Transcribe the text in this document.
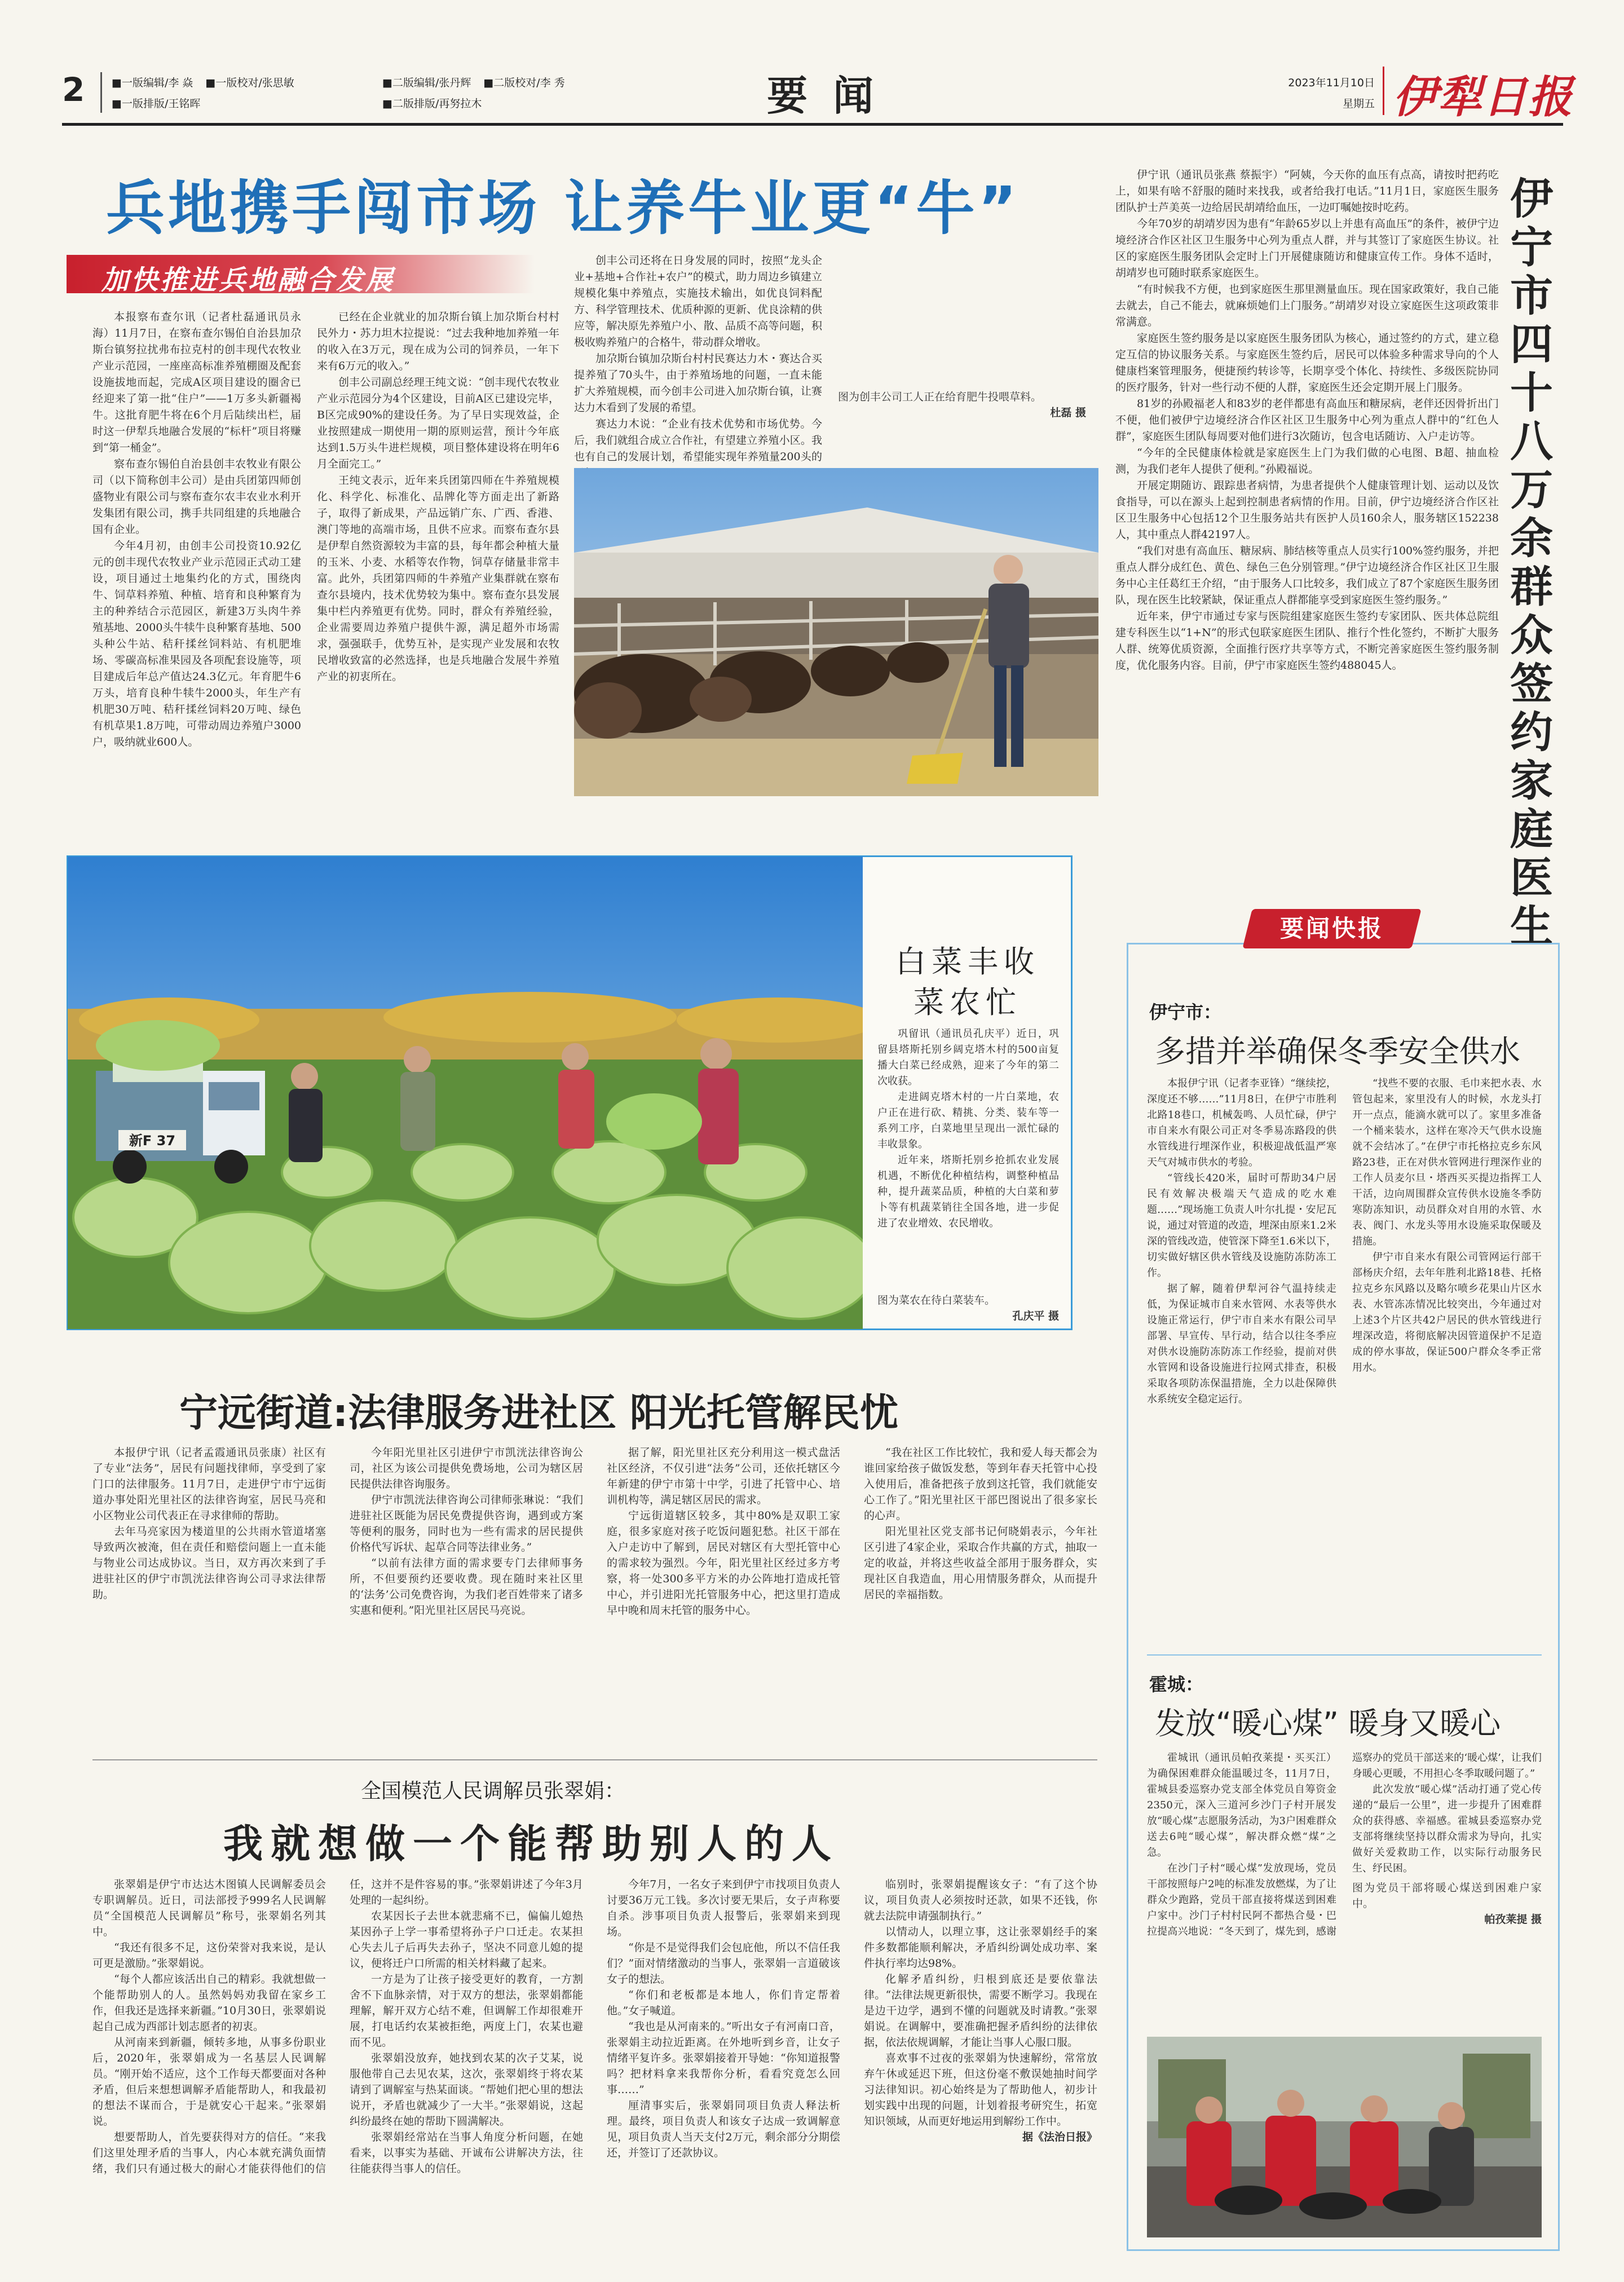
2	■一版编辑/李 焱 ■一版校对/张思敏
■一版排版/王铭晖
■二版编辑/张丹辉 ■二版校对/李 秀
■二版排版/再努拉木	要 闻	2023年11月10日
星期五 伊犁日报
兵地携手闯市场 让养牛业更“牛”
加快推进兵地融合发展

本报察布查尔讯（记者杜磊通讯员永海）11月7日，在察布查尔锡伯自治县加尕斯台镇努拉扰弗布拉克村的创丰现代农牧业产业示范园，一座座高标准养殖棚圈及配套设施拔地而起，完成A区项目建设的圈舍已经迎来了第一批“住户”——1万多头新疆褐牛。这批育肥牛将在6个月后陆续出栏，届时这一伊犁兵地融合发展的“标杆”项目将赚到“第一桶金”。

察布查尔锡伯自治县创丰农牧业有限公司（以下简称创丰公司）是由兵团第四师创盛物业有限公司与察布查尔农丰农业水利开发集团有限公司，携手共同组建的兵地融合国有企业。

今年4月初，由创丰公司投资10.92亿元的创丰现代农牧业产业示范园正式动工建设，项目通过土地集约化的方式，围绕肉牛、饲草料养殖、种植、培育和良种繁育为主的种养结合示范园区，新建3万头肉牛养殖基地、2000头牛犊牛良种繁育基地、500头种公牛站、秸秆揉丝饲料站、有机肥堆场、零碳高标准果园及各项配套设施等，项目建成后年总产值达24.3亿元。年育肥牛6万头，培育良种牛犊牛2000头，年生产有机肥30万吨、秸秆揉丝饲料20万吨、绿色有机草果1.8万吨，可带动周边养殖户3000户，吸纳就业600人。

已经在企业就业的加尕斯台镇上加尕斯台村村民外力・苏力坦木拉提说：“过去我种地加养殖一年的收入在3万元，现在成为公司的饲养员，一年下来有6万元的收入。”

创丰公司副总经理王纯文说：“创丰现代农牧业产业示范园分为4个区建设，目前A区已建设完毕，B区完成90%的建设任务。为了早日实现效益，企业按照建成一期使用一期的原则运营，预计今年底达到1.5万头牛进栏规模，项目整体建设将在明年6月全面完工。”

王纯文表示，近年来兵团第四师在牛养殖规模化、科学化、标准化、品牌化等方面走出了新路子，取得了新成果，产品远销广东、广西、香港、澳门等地的高端市场，且供不应求。而察布查尔县是伊犁自然资源较为丰富的县，每年都会种植大量的玉米、小麦、水稻等农作物，饲草存储量非常丰富。此外，兵团第四师的牛养殖产业集群就在察布查尔县境内，技术优势较为集中。察布查尔县发展集中栏内养殖更有优势。同时，群众有养殖经验，企业需要周边养殖户提供牛源，满足超外市场需求，强强联手，优势互补，是实现产业发展和农牧民增收致富的必然选择，也是兵地融合发展牛养殖产业的初衷所在。

创丰公司还将在日身发展的同时，按照“龙头企业+基地+合作社+农户”的模式，助力周边乡镇建立规模化集中养殖点，实施技术输出，如优良饲料配方、科学管理技术、优质种源的更新、优良涂精的供应等，解决原先养殖户小、散、品质不高等问题，积极收购养殖户的合格牛，带动群众增收。

加尕斯台镇加尕斯台村村民赛达力木・赛达合买提养殖了70头牛，由于养殖场地的问题，一直未能扩大养殖规模，而今创丰公司进入加尕斯台镇，让赛达力木看到了发展的希望。

赛达力木说：“企业有技术优势和市场优势。今后，我们就组合成立合作社，有望建立养殖小区。我也有自己的发展计划，希望能实现年养殖量200头的

图为创丰公司工人正在给育肥牛投喂草料。
杜磊 摄

伊宁讯（通讯员张燕 蔡振宇）“阿姨，今天你的血压有点高，请按时把药吃上，如果有啥不舒服的随时来找我，或者给我打电话。”11月1日，家庭医生服务团队护士芦美英一边给居民胡靖给血压，一边叮嘱她按时吃药。

今年70岁的胡靖岁因为患有“年龄65岁以上并患有高血压”的条件，被伊宁边境经济合作区社区卫生服务中心列为重点人群，并与其签订了家庭医生协议。社区的家庭医生服务团队会定时上门开展健康随访和健康宣传工作。身体不适时，胡靖岁也可随时联系家庭医生。

“有时候我不方便，也到家庭医生那里测量血压。现在国家政策好，我自己能去就去，自己不能去，就麻烦她们上门服务。”胡靖岁对设立家庭医生这项政策非常满意。

家庭医生签约服务是以家庭医生服务团队为核心，通过签约的方式，建立稳定互信的协议服务关系。与家庭医生签约后，居民可以体验多种需求导向的个人健康档案管理服务，便捷预约转诊等，长期享受个体化、持续性、多级医院协同的医疗服务，针对一些行动不便的人群，家庭医生还会定期开展上门服务。

81岁的孙殿福老人和83岁的老伴都患有高血压和糖尿病，老伴还因骨折出门不便，他们被伊宁边境经济合作区社区卫生服务中心列为重点人群中的“红色人群”，家庭医生团队每周要对他们进行3次随访，包含电话随访、入户走访等。

“今年的全民健康体检就是家庭医生上门为我们做的心电图、B超、抽血检测，为我们老年人提供了便利。”孙殿福说。

开展定期随访、跟踪患者病情，为患者提供个人健康管理计划、运动以及饮食指导，可以在源头上起到控制患者病情的作用。目前，伊宁边境经济合作区社区卫生服务中心包括12个卫生服务站共有医护人员160余人，服务辖区152238人，其中重点人群42197人。

“我们对患有高血压、糖尿病、肺结核等重点人员实行100%签约服务，并把重点人群分成红色、黄色、绿色三色分别管理。”伊宁边境经济合作区社区卫生服务中心主任葛红王介绍，“由于服务人口比较多，我们成立了87个家庭医生服务团队，现在医生比较紧缺，保证重点人群都能享受到家庭医生签约服务。”

近年来，伊宁市通过专家与医院组建家庭医生签约专家团队、医共体总院组建专科医生以“1+N”的形式包联家庭医生团队、推行个性化签约，不断扩大服务人群、统筹优质资源，全面推行医疗共享等方式，不断完善家庭医生签约服务制度，优化服务内容。目前，伊宁市家庭医生签约488045人。

伊宁市四十八万余群众签约家庭医生
新F 37
白菜丰收
菜农忙

巩留讯（通讯员孔庆平）近日，巩留县塔斯托别乡阔克塔木村的500亩复播大白菜已经成熟，迎来了今年的第二次收获。

走进阔克塔木村的一片白菜地，农户正在进行砍、精挑、分类、装车等一系列工序，白菜地里呈现出一派忙碌的丰收景象。

近年来，塔斯托别乡抢抓农业发展机遇，不断优化种植结构，调整种植品种，提升蔬菜品质，种植的大白菜和萝卜等有机蔬菜销往全国各地，进一步促进了农业增效、农民增收。

图为菜农在待白菜装车。
孔庆平 摄
要闻快报
伊宁市：
多措并举确保冬季安全供水

本报伊宁讯（记者李亚锋）“继续挖，深度还不够……”11月8日，在伊宁市胜利北路18巷口，机械轰鸣、人员忙碌，伊宁市自来水有限公司正对冬季易冻路段的供水管线进行埋深作业，积极迎战低温严寒天气对城市供水的考验。

“管线长420米，届时可帮助34户居民有效解决极端天气造成的吃水难题……”现场施工负责人叶尔扎提・安尼瓦说，通过对管道的改造，埋深由原来1.2米深的管线改造，使管深下降至1.6米以下，切实做好辖区供水管线及设施防冻防冻工作。

据了解，随着伊犁河谷气温持续走低，为保证城市自来水管网、水表等供水设施正常运行，伊宁市自来水有限公司早部署、早宣传、早行动，结合以往冬季应对供水设施防冻防冻工作经验，提前对供水管网和设备设施进行拉网式排查，积极采取各项防冻保温措施，全力以赴保障供水系统安全稳定运行。

“找些不要的衣服、毛巾来把水表、水管包起来，家里没有人的时候，水龙头打开一点点，能滴水就可以了。家里多准备一个桶来装水，这样在寒冷天气供水设施就不会结冰了。”在伊宁市托格拉克乡东风路23巷，正在对供水管网进行理深作业的工作人员麦尔旦・塔西买买提边指挥工人干活，边向周围群众宣传供水设施冬季防寒防冻知识，动员群众对自用的水管、水表、阀门、水龙头等用水设施采取保暖及措施。

伊宁市自来水有限公司管网运行部干部杨庆介绍，去年年胜利北路18巷、托格拉克乡东风路以及略尔喷乡花果山片区水表、水管冻冻情况比较突出，今年通过对上述3个片区共42户居民的供水管线进行埋深改造，将彻底解决因管道保护不足造成的停水事故，保证500户群众冬季正常用水。

霍城：
发放“暖心煤” 暖身又暖心

霍城讯（通讯员帕孜莱提・买买江）为确保困难群众能温暖过冬，11月7日，霍城县委巡察办党支部全体党员自筹资金2350元，深入三道河乡沙门子村开展发放“暖心煤”志愿服务活动，为3户困难群众送去6吨“暖心煤”，解决群众燃“煤”之急。

在沙门子村“暖心煤”发放现场，党员干部按照每户2吨的标准发放燃煤，为了让群众少跑路，党员干部直接将煤送到困难户家中。沙门子村村民阿不都热合曼・巴拉提高兴地说：“冬天到了，煤先到，感谢巡察办的党员干部送来的‘暖心煤’，让我们身暖心更暖，不用担心冬季取暖问题了。”

此次发放“暖心煤”活动打通了党心传递的“最后一公里”，进一步提升了困难群众的获得感、幸福感。霍城县委巡察办党支部将继续坚持以群众需求为导向，扎实做好关爱救助工作，以实际行动服务民生、纾民困。

图为党员干部将暖心煤送到困难户家中。
帕孜莱提 摄
宁远街道:法律服务进社区 阳光托管解民忧

本报伊宁讯（记者孟霞通讯员张康）社区有了专业“法务”，居民有问题找律师，享受到了家门口的法律服务。11月7日，走进伊宁市宁远街道办事处阳光里社区的法律咨询室，居民马亮和小区物业公司代表正在寻求律师的帮助。

去年马亮家因为楼道里的公共雨水管道堵塞导致两次被淹，但在责任和赔偿问题上一直未能与物业公司达成协议。当日，双方再次来到了手进驻社区的伊宁市凯洸法律咨询公司寻求法律帮助。

今年阳光里社区引进伊宁市凯洸法律咨询公司，社区为该公司提供免费场地，公司为辖区居民提供法律咨询服务。

伊宁市凯洸法律咨询公司律师张琳说：“我们进驻社区既能为居民免费提供咨询，遇到或方案等便利的服务，同时也为一些有需求的居民提供价格代写诉状、起草合同等法律业务。”

“以前有法律方面的需求要专门去律师事务所，不但要预约还要收费。现在随时来社区里的‘法务’公司免费咨询，为我们老百姓带来了诸多实惠和便利。”阳光里社区居民马亮说。

据了解，阳光里社区充分利用这一模式盘活社区经济，不仅引进“法务”公司，还依托辖区今年新建的伊宁市第十中学，引进了托管中心、培训机构等，满足辖区居民的需求。

宁远街道辖区较多，其中80%是双职工家庭，很多家庭对孩子吃饭问题犯愁。社区干部在入户走访中了解到，居民对辖区有大型托管中心的需求较为强烈。今年，阳光里社区经过多方考察，将一处300多平方米的办公阵地打造成托管中心，并引进阳光托管服务中心，把这里打造成早中晚和周末托管的服务中心。

“我在社区工作比较忙，我和爱人每天都会为谁回家给孩子做饭发愁，等到年春天托管中心投入使用后，准备把孩子放到这托管，我们就能安心工作了。”阳光里社区干部巴图说出了很多家长的心声。

阳光里社区党支部书记何晓娟表示，今年社区引进了4家企业，采取合作共赢的方式，抽取一定的收益，并将这些收益全部用于服务群众，实现社区自我造血，用心用情服务群众，从而提升居民的幸福指数。

全国模范人民调解员张翠娟：
我就想做一个能帮助别人的人

张翠娟是伊宁市达达木图镇人民调解委员会专职调解员。近日，司法部授予999名人民调解员“全国模范人民调解员”称号，张翠娟名列其中。

“我还有很多不足，这份荣誉对我来说，是认可更是激励。”张翠娟说。

“每个人都应该活出自己的精彩。我就想做一个能帮助别人的人。虽然妈妈劝我留在家乡工作，但我还是选择来新疆。”10月30日，张翠娟说起自己成为西部计划志愿者的初衷。

从河南来到新疆，倾转多地，从事多份职业后，2020年，张翠娟成为一名基层人民调解员。“刚开始不适应，这个工作每天都要面对各种矛盾，但后来想想调解矛盾能帮助人，和我最初的想法不谋而合，于是就安心干起来。”张翠娟说。

想要帮助人，首先要获得对方的信任。“来我们这里处理矛盾的当事人，内心本就充满负面情绪，我们只有通过极大的耐心才能获得他们的信任，这并不是件容易的事。”张翠娟讲述了今年3月处理的一起纠纷。

农某因长子去世本就悲痛不已，偏偏儿媳热某因孙子上学一事希望将孙子户口迁走。农某担心失去儿子后再失去孙子，坚决不同意儿媳的提议，便将迁户口所需的相关材料藏了起来。

一方是为了让孩子接受更好的教育，一方割舍不下血脉亲情，对于双方的想法，张翠娟都能理解，解开双方心结不难，但调解工作却很难开展，打电话约农某被拒绝，两度上门，农某也避而不见。

张翠娟没放弃，她找到农某的次子艾某，说服他带自己去见农某，这次，张翠娟终于将农某请到了调解室与热某面谈。“帮她们把心里的想法说开，矛盾也就减少了一大半。”张翠娟说，这起纠纷最终在她的帮助下圆满解决。

张翠娟经常站在当事人角度分析问题，在她看来，以事实为基础、开诚布公讲解决方法，往往能获得当事人的信任。

今年7月，一名女子来到伊宁市找项目负责人讨要36万元工钱。多次讨要无果后，女子声称要自杀。涉事项目负责人报警后，张翠娟来到现场。

“你是不是觉得我们会包庇他，所以不信任我们？”面对情绪激动的当事人，张翠娟一言道破该女子的想法。

“你们和老板都是本地人，你们肯定帮着他。”女子喊道。

“我也是从河南来的。”听出女子有河南口音，张翠娟主动拉近距离。在外地听到乡音，让女子情绪平复许多。张翠娟接着开导她：“你知道报警吗？把材料拿来我帮你分析，看看究竟怎么回事……”

厘清事实后，张翠娟同项目负责人释法析理。最终，项目负责人和该女子达成一致调解意见，项目负责人当天支付2万元，剩余部分分期偿还，并签订了还款协议。

临别时，张翠娟提醒该女子：“有了这个协议，项目负责人必须按时还款，如果不还钱，你就去法院申请强制执行。”

以情动人，以理立事，这让张翠娟经手的案件多数都能顺利解决，矛盾纠纷调处成功率、案件执行率均达98%。

化解矛盾纠纷，归根到底还是要依靠法律。“法律法规更新很快，需要不断学习。我现在是边干边学，遇到不懂的问题就及时请教。”张翠娟说。在调解中，要准确把握矛盾纠纷的法律依据，依法依规调解，才能让当事人心服口服。

喜欢事不过夜的张翠娟为快速解纷，常常放弃午休或延迟下班，但这份毫不敷误她抽时间学习法律知识。初心始终是为了帮助他人，初步计划实践中出现的问题，计划着报考研究生，拓宽知识领域，从而更好地运用到解纷工作中。

据《法治日报》
